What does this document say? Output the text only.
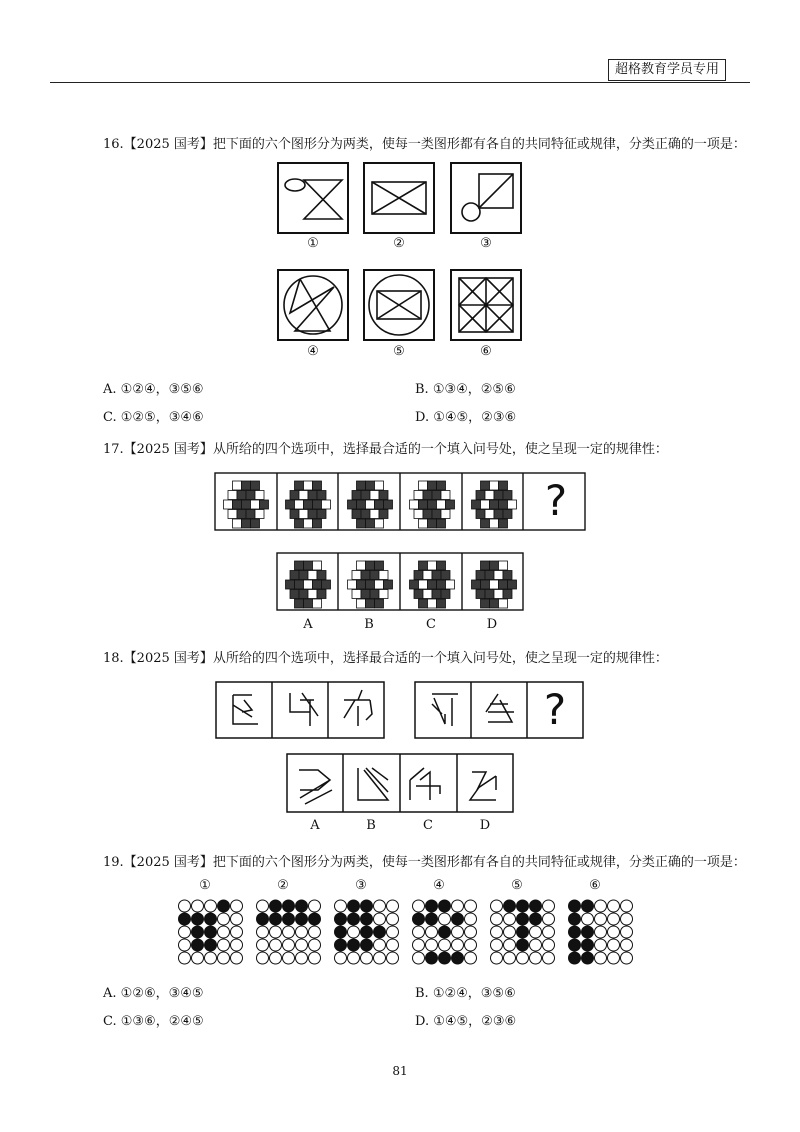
超格教育学员专用
16.【2025 国考】把下面的六个图形分为两类，使每一类图形都有各自的共同特征或规律，分类正确的一项是：
①	②	③
④	⑤	⑥
A. ①②④，③⑤⑥	B. ①③④，②⑤⑥
C. ①②⑤，③④⑥	D. ①④⑤，②③⑥
17.【2025 国考】从所给的四个选项中，选择最合适的一个填入问号处，使之呈现一定的规律性：
?
A	B	C	D
18.【2025 国考】从所给的四个选项中，选择最合适的一个填入问号处，使之呈现一定的规律性：
?
A	B	C	D
19.【2025 国考】把下面的六个图形分为两类，使每一类图形都有各自的共同特征或规律，分类正确的一项是：
①	②	③	④	⑤	⑥
A. ①②⑥，③④⑤	B. ①②④，③⑤⑥
C. ①③⑥，②④⑤	D. ①④⑤，②③⑥
81
